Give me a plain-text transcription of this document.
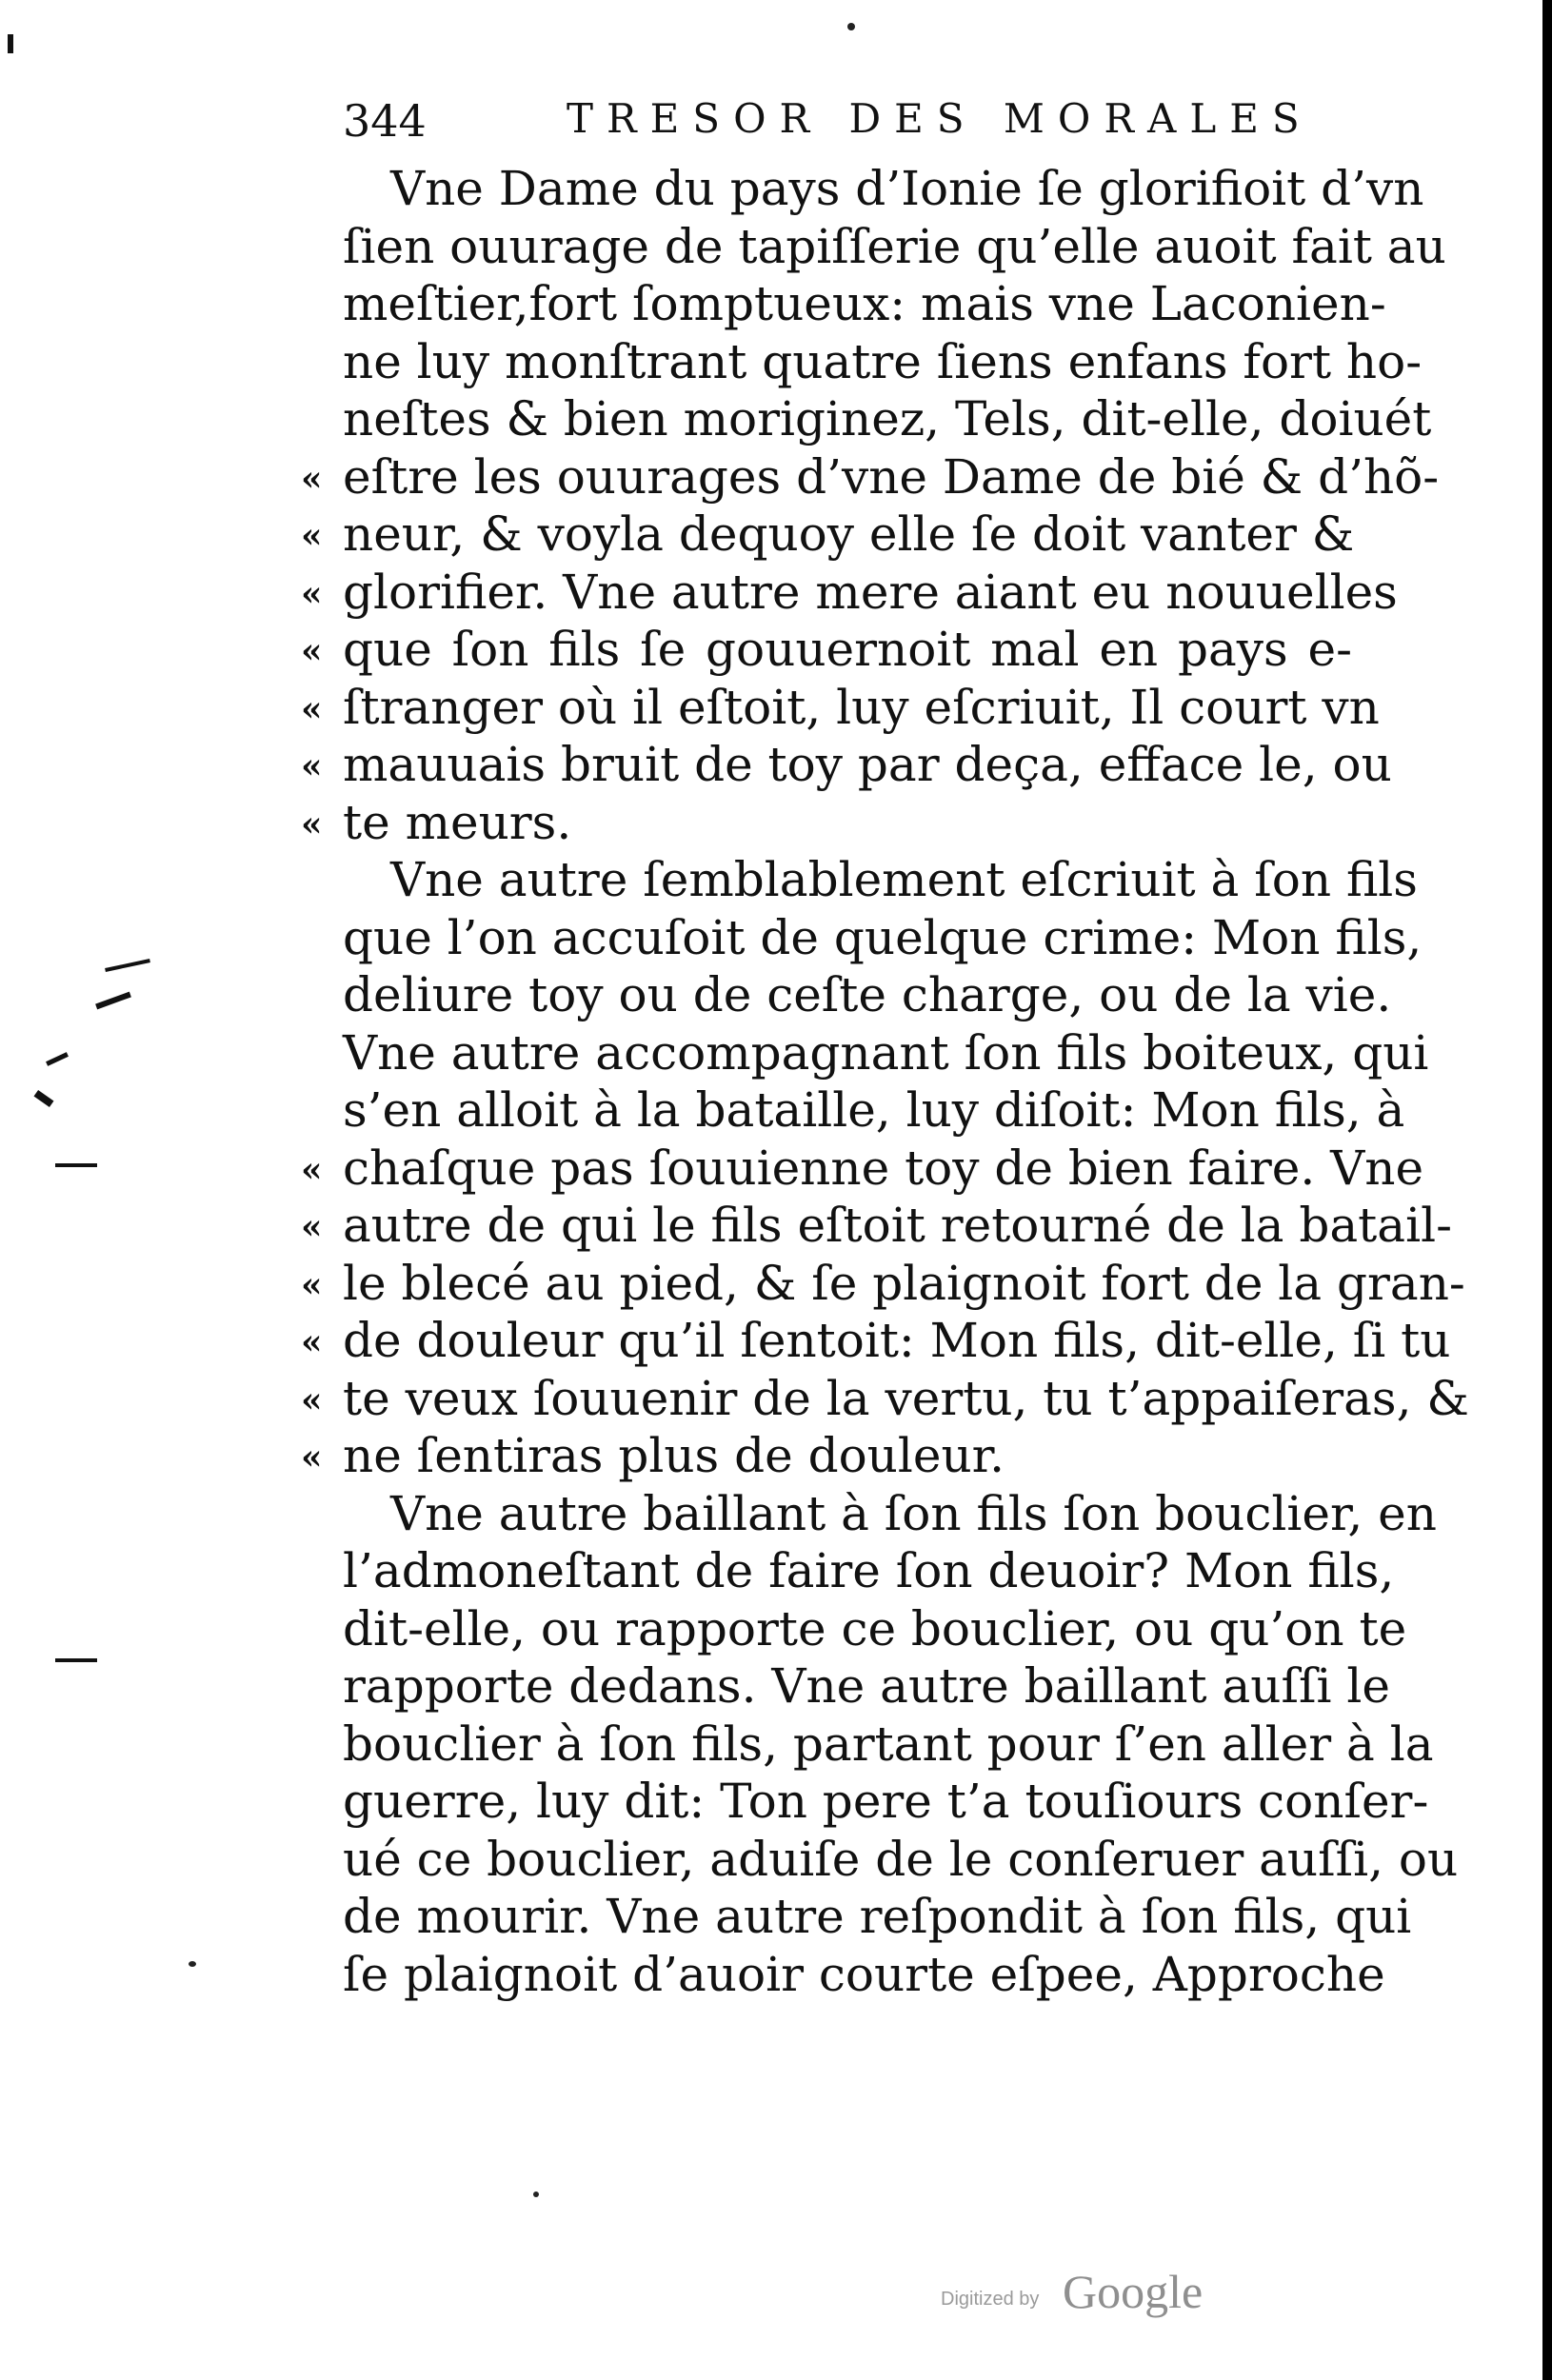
344	TRESOR DES MORALES
Vne Dame du pays d’Ionie ſe glorifioit d’vn
ſien ouurage de tapiſſerie qu’elle auoit fait au
meſtier,fort ſomptueux: mais vne Laconien-
ne luy monſtrant quatre ſiens enfans fort ho-
neſtes & bien moriginez, Tels, dit-elle, doiuét
« eſtre les ouurages d’vne Dame de bié & d’hõ-
« neur, & voyla dequoy elle ſe doit vanter &
« glorifier. Vne autre mere aiant eu nouuelles
« que ſon fils ſe gouuernoit mal en pays e-
« ſtranger où il eſtoit, luy eſcriuit, Il court vn
« mauuais bruit de toy par deça, efface le, ou
« te meurs.
Vne autre ſemblablement eſcriuit à ſon fils
que l’on accuſoit de quelque crime: Mon fils,
deliure toy ou de ceſte charge, ou de la vie.
Vne autre accompagnant ſon fils boiteux, qui
s’en alloit à la bataille, luy diſoit: Mon fils, à
« chaſque pas ſouuienne toy de bien faire. Vne
« autre de qui le fils eſtoit retourné de la batail-
« le blecé au pied, & ſe plaignoit fort de la gran-
« de douleur qu’il ſentoit: Mon fils, dit-elle, ſi tu
« te veux ſouuenir de la vertu, tu t’appaiſeras, &
« ne ſentiras plus de douleur.
Vne autre baillant à ſon fils ſon bouclier, en
l’admoneſtant de faire ſon deuoir? Mon fils,
dit-elle, ou rapporte ce bouclier, ou qu’on te
rapporte dedans. Vne autre baillant auſſi le
bouclier à ſon fils, partant pour ſ’en aller à la
guerre, luy dit: Ton pere t’a touſiours conſer-
ué ce bouclier, aduiſe de le conſeruer auſſi, ou
de mourir. Vne autre reſpondit à ſon fils, qui
ſe plaignoit d’auoir courte eſpee, Approche
Digitized by Google
